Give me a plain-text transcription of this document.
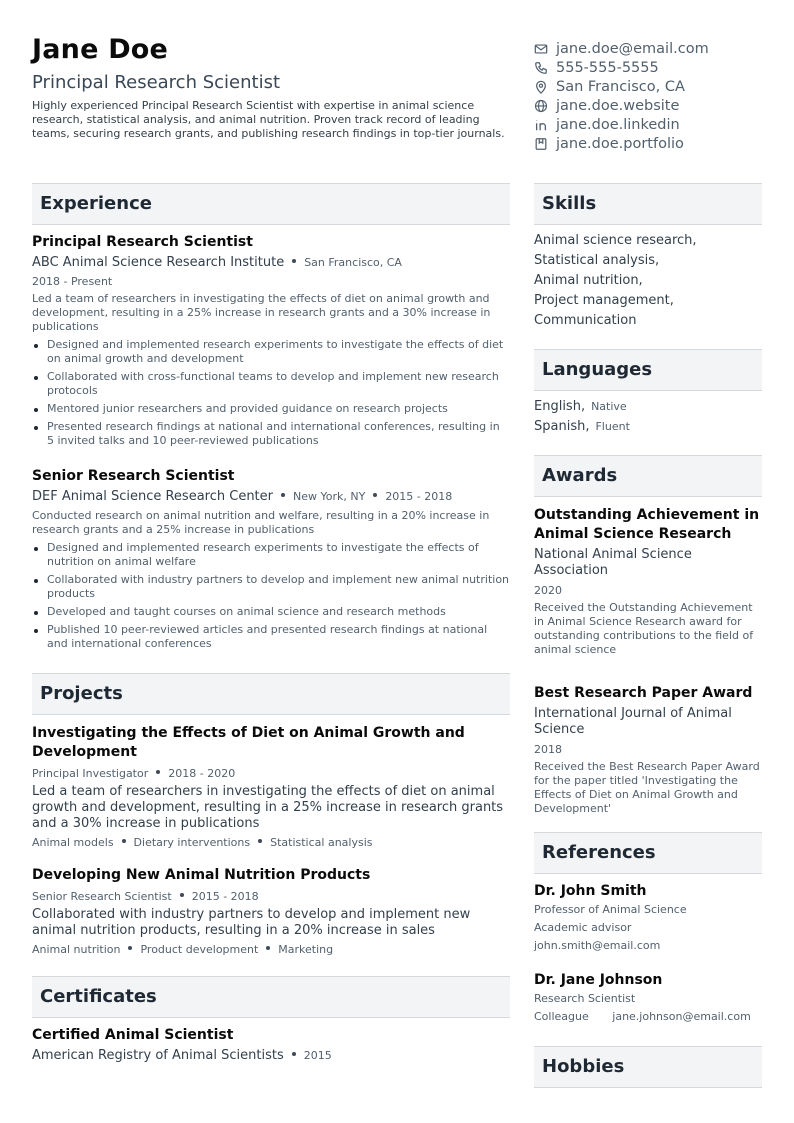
Jane Doe
Principal Research Scientist
Highly experienced Principal Research Scientist with expertise in animal science research, statistical analysis, and animal nutrition. Proven track record of leading teams, securing research grants, and publishing research findings in top-tier journals.
jane.doe@email.com
555-555-5555
San Francisco, CA
jane.doe.website
jane.doe.linkedin
jane.doe.portfolio
Experience
Principal Research Scientist
ABC Animal Science Research Institute San Francisco, CA
2018 - Present
Led a team of researchers in investigating the effects of diet on animal growth and development, resulting in a 25% increase in research grants and a 30% increase in publications
Designed and implemented research experiments to investigate the effects of diet on animal growth and development
Collaborated with cross-functional teams to develop and implement new research protocols
Mentored junior researchers and provided guidance on research projects
Presented research findings at national and international conferences, resulting in 5 invited talks and 10 peer-reviewed publications
Senior Research Scientist
DEF Animal Science Research Center New York, NY 2015 - 2018
Conducted research on animal nutrition and welfare, resulting in a 20% increase in research grants and a 25% increase in publications
Designed and implemented research experiments to investigate the effects of nutrition on animal welfare
Collaborated with industry partners to develop and implement new animal nutrition products
Developed and taught courses on animal science and research methods
Published 10 peer-reviewed articles and presented research findings at national and international conferences
Projects
Investigating the Effects of Diet on Animal Growth and Development
Principal Investigator 2018 - 2020
Led a team of researchers in investigating the effects of diet on animal growth and development, resulting in a 25% increase in research grants and a 30% increase in publications
Animal models Dietary interventions Statistical analysis
Developing New Animal Nutrition Products
Senior Research Scientist 2015 - 2018
Collaborated with industry partners to develop and implement new animal nutrition products, resulting in a 20% increase in sales
Animal nutrition Product development Marketing
Certificates
Certified Animal Scientist
American Registry of Animal Scientists 2015
Skills
Animal science research,
Statistical analysis,
Animal nutrition,
Project management,
Communication
Languages
English, Native
Spanish, Fluent
Awards
Outstanding Achievement in Animal Science Research
National Animal Science Association
2020
Received the Outstanding Achievement in Animal Science Research award for outstanding contributions to the field of animal science
Best Research Paper Award
International Journal of Animal Science
2018
Received the Best Research Paper Award for the paper titled 'Investigating the Effects of Diet on Animal Growth and Development'
References
Dr. John Smith
Professor of Animal Science
Academic advisor
john.smith@email.com
Dr. Jane Johnson
Research Scientist
Colleague jane.johnson@email.com
Hobbies
